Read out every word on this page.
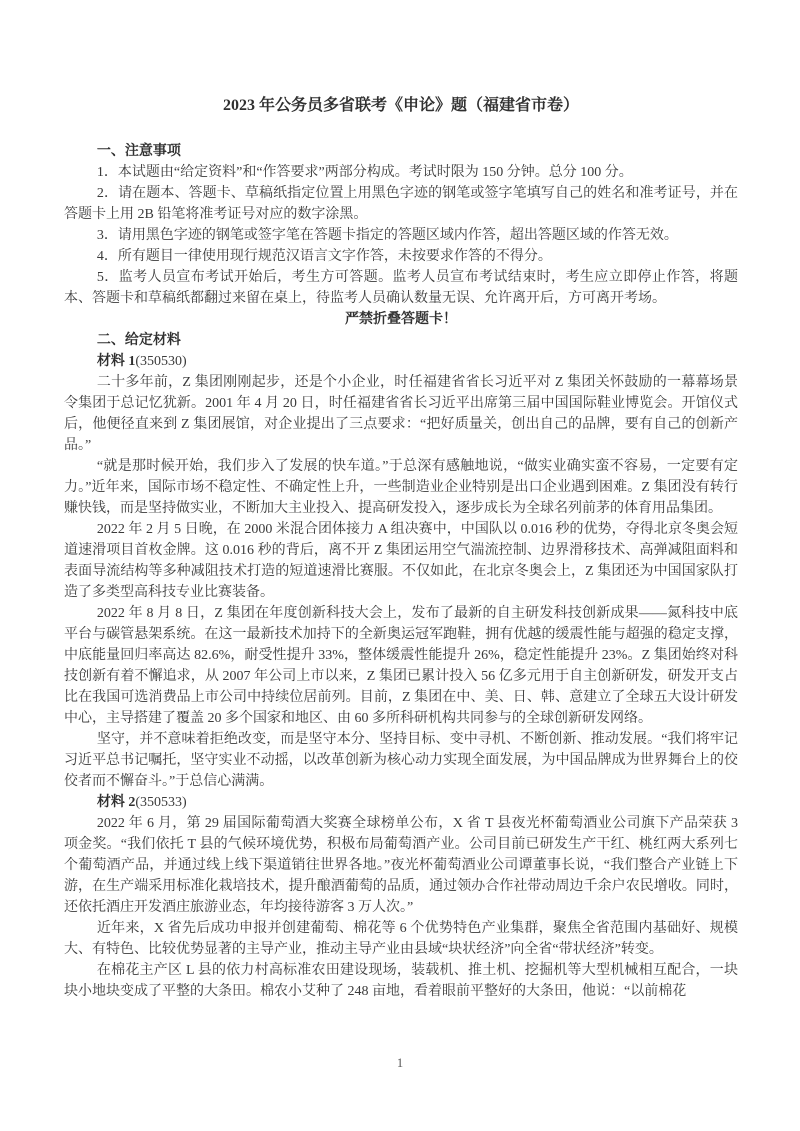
2023 年公务员多省联考《申论》题（福建省市卷）
一、注意事项

1．本试题由“给定资料”和“作答要求”两部分构成。考试时限为 150 分钟。总分 100 分。

2．请在题本、答题卡、草稿纸指定位置上用黑色字迹的钢笔或签字笔填写自己的姓名和准考证号，并在答题卡上用 2B 铅笔将准考证号对应的数字涂黑。

3．请用黑色字迹的钢笔或签字笔在答题卡指定的答题区域内作答，超出答题区域的作答无效。

4．所有题目一律使用现行规范汉语言文字作答，未按要求作答的不得分。

5．监考人员宣布考试开始后，考生方可答题。监考人员宣布考试结束时，考生应立即停止作答，将题本、答题卡和草稿纸都翻过来留在桌上，待监考人员确认数量无误、允许离开后，方可离开考场。

严禁折叠答题卡！

二、给定材料

材料 1(350530)

二十多年前，Z 集团刚刚起步，还是个小企业，时任福建省省长习近平对 Z 集团关怀鼓励的一幕幕场景令集团于总记忆犹新。2001 年 4 月 20 日，时任福建省省长习近平出席第三届中国国际鞋业博览会。开馆仪式后，他便径直来到 Z 集团展馆，对企业提出了三点要求：“把好质量关，创出自己的品牌，要有自己的创新产品。”

“就是那时候开始，我们步入了发展的快车道。”于总深有感触地说，“做实业确实蛮不容易，一定要有定力。”近年来，国际市场不稳定性、不确定性上升，一些制造业企业特别是出口企业遇到困难。Z 集团没有转行赚快钱，而是坚持做实业，不断加大主业投入、提高研发投入，逐步成长为全球名列前茅的体育用品集团。

2022 年 2 月 5 日晚，在 2000 米混合团体接力 A 组决赛中，中国队以 0.016 秒的优势，夺得北京冬奥会短道速滑项目首枚金牌。这 0.016 秒的背后，离不开 Z 集团运用空气湍流控制、边界滑移技术、高弹减阻面料和表面导流结构等多种减阻技术打造的短道速滑比赛服。不仅如此，在北京冬奥会上，Z 集团还为中国国家队打造了多类型高科技专业比赛装备。

2022 年 8 月 8 日，Z 集团在年度创新科技大会上，发布了最新的自主研发科技创新成果——氮科技中底平台与碳管悬架系统。在这一最新技术加持下的全新奥运冠军跑鞋，拥有优越的缓震性能与超强的稳定支撑，中底能量回归率高达 82.6%，耐受性提升 33%，整体缓震性能提升 26%，稳定性能提升 23%。Z 集团始终对科技创新有着不懈追求，从 2007 年公司上市以来，Z 集团已累计投入 56 亿多元用于自主创新研发，研发开支占比在我国可选消费品上市公司中持续位居前列。目前，Z 集团在中、美、日、韩、意建立了全球五大设计研发中心，主导搭建了覆盖 20 多个国家和地区、由 60 多所科研机构共同参与的全球创新研发网络。

坚守，并不意味着拒绝改变，而是坚守本分、坚持目标、变中寻机、不断创新、推动发展。“我们将牢记习近平总书记嘱托，坚守实业不动摇，以改革创新为核心动力实现全面发展，为中国品牌成为世界舞台上的佼佼者而不懈奋斗。”于总信心满满。

材料 2(350533)

2022 年 6 月，第 29 届国际葡萄酒大奖赛全球榜单公布，X 省 T 县夜光杯葡萄酒业公司旗下产品荣获 3 项金奖。“我们依托 T 县的气候环境优势，积极布局葡萄酒产业。公司目前已研发生产干红、桃红两大系列七个葡萄酒产品，并通过线上线下渠道销往世界各地。”夜光杯葡萄酒业公司谭董事长说，“我们整合产业链上下游，在生产端采用标准化栽培技术，提升酿酒葡萄的品质，通过领办合作社带动周边千余户农民增收。同时，还依托酒庄开发酒庄旅游业态，年均接待游客 3 万人次。”

近年来，X 省先后成功申报并创建葡萄、棉花等 6 个优势特色产业集群，聚焦全省范围内基础好、规模大、有特色、比较优势显著的主导产业，推动主导产业由县域“块状经济”向全省“带状经济”转变。

在棉花主产区 L 县的依力村高标准农田建设现场，装载机、推土机、挖掘机等大型机械相互配合，一块块小地块变成了平整的大条田。棉农小艾种了 248 亩地，看着眼前平整好的大条田，他说：“以前棉花

1
